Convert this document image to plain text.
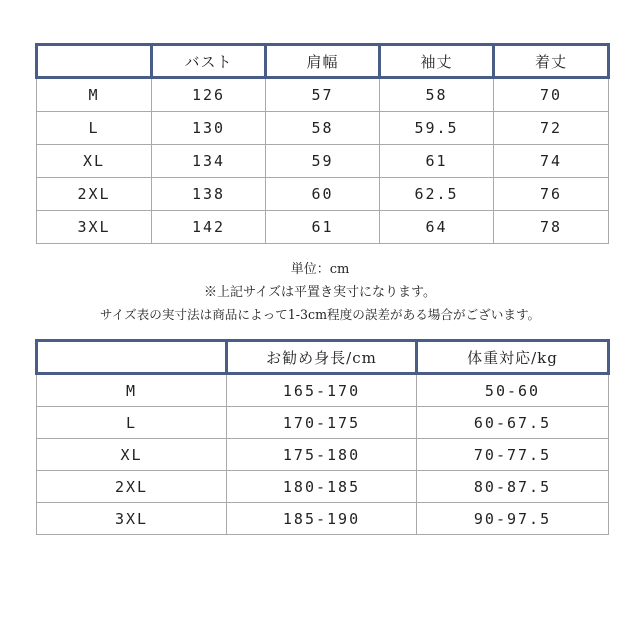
	バスト	肩幅	袖丈	着丈
M	126	57	58	70
L	130	58	59.5	72
XL	134	59	61	74
2XL	138	60	62.5	76
3XL	142	61	64	78
単位：cm
※上記サイズは平置き実寸になります。
サイズ表の実寸法は商品によって1-3cm程度の誤差がある場合がございます。
	お勧め身長/cm	体重対応/kg
M	165-170	50-60
L	170-175	60-67.5
XL	175-180	70-77.5
2XL	180-185	80-87.5
3XL	185-190	90-97.5
